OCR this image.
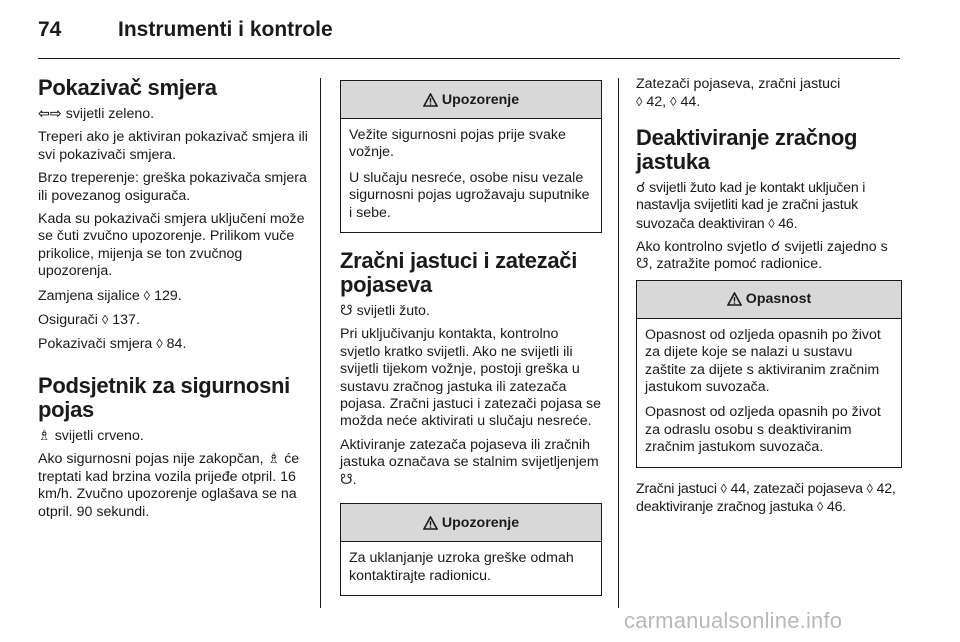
74	Instrumenti i kontrole
Pokazivač smjera

⇦⇨ svijetli zeleno.

Treperi ako je aktiviran pokazivač smjera ili svi pokazivači smjera.

Brzo treperenje: greška pokazivača smjera ili povezanog osigurača.

Kada su pokazivači smjera uključeni može se čuti zvučno upozorenje. Prilikom vuče prikolice, mijenja se ton zvučnog upozorenja.

Zamjena sijalice ◊ 129.

Osigurači ◊ 137.

Pokazivači smjera ◊ 84.

Podsjetnik za sigurnosni pojas

♗ svijetli crveno.

Ako sigurnosni pojas nije zakopčan, ♗ će treptati kad brzina vozila prijeđe otpril. 16 km/h. Zvučno upozorenje oglašava se na otpril. 90 sekundi.

Upozorenje

Vežite sigurnosni pojas prije svake vožnje.

U slučaju nesreće, osobe nisu vezale sigurnosni pojas ugrožavaju suputnike i sebe.

Zračni jastuci i zatezači pojaseva

☋ svijetli žuto.

Pri uključivanju kontakta, kontrolno svjetlo kratko svijetli. Ako ne svijetli ili svijetli tijekom vožnje, postoji greška u sustavu zračnog jastuka ili zatezača pojasa. Zračni jastuci i zatezači pojasa se možda neće aktivirati u slučaju nesreće.

Aktiviranje zatezača pojaseva ili zračnih jastuka označava se stalnim svijetljenjem ☋.

Upozorenje

Za uklanjanje uzroka greške odmah kontaktirajte radionicu.

Zatezači pojaseva, zračni jastuci
◊ 42, ◊ 44.

Deaktiviranje zračnog jastuka

☌ svijetli žuto kad je kontakt uključen i nastavlja svijetliti kad je zračni jastuk suvozača deaktiviran ◊ 46.

Ako kontrolno svjetlo ☌ svijetli zajedno s ☋, zatražite pomoć radionice.

Opasnost

Opasnost od ozljeda opasnih po život za dijete koje se nalazi u sustavu zaštite za dijete s aktiviranim zračnim jastukom suvozača.

Opasnost od ozljeda opasnih po život za odraslu osobu s deaktiviranim zračnim jastukom suvozača.

Zračni jastuci ◊ 44, zatezači pojaseva ◊ 42, deaktiviranje zračnog jastuka ◊ 46.

carmanualsonline.info
